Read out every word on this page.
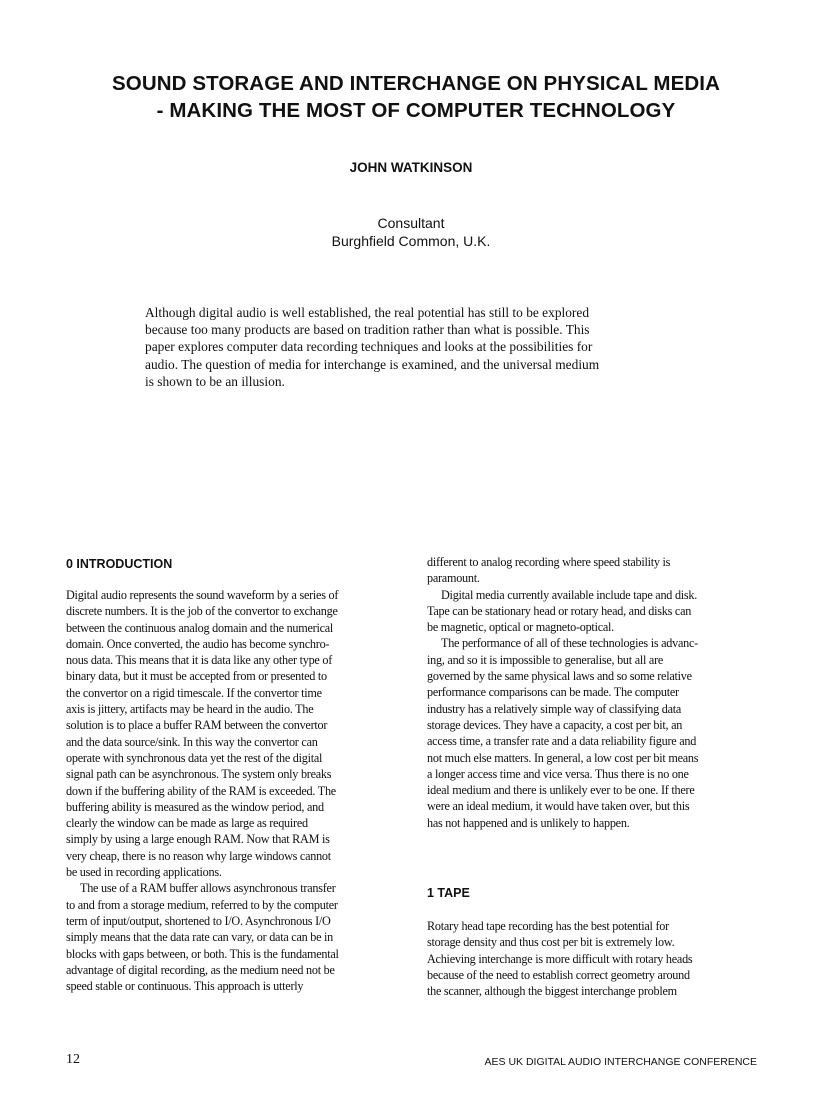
SOUND STORAGE AND INTERCHANGE ON PHYSICAL MEDIA
- MAKING THE MOST OF COMPUTER TECHNOLOGY
JOHN WATKINSON
Consultant
Burghfield Common, U.K.
Although digital audio is well established, the real potential has still to be explored
because too many products are based on tradition rather than what is possible. This
paper explores computer data recording techniques and looks at the possibilities for
audio. The question of media for interchange is examined, and the universal medium
is shown to be an illusion.
0 INTRODUCTION
Digital audio represents the sound waveform by a series of
discrete numbers. It is the job of the convertor to exchange
between the continuous analog domain and the numerical
domain. Once converted, the audio has become synchro-
nous data. This means that it is data like any other type of
binary data, but it must be accepted from or presented to
the convertor on a rigid timescale. If the convertor time
axis is jittery, artifacts may be heard in the audio. The
solution is to place a buffer RAM between the convertor
and the data source/sink. In this way the convertor can
operate with synchronous data yet the rest of the digital
signal path can be asynchronous. The system only breaks
down if the buffering ability of the RAM is exceeded. The
buffering ability is measured as the window period, and
clearly the window can be made as large as required
simply by using a large enough RAM. Now that RAM is
very cheap, there is no reason why large windows cannot
be used in recording applications.
The use of a RAM buffer allows asynchronous transfer
to and from a storage medium, referred to by the computer
term of input/output, shortened to I/O. Asynchronous I/O
simply means that the data rate can vary, or data can be in
blocks with gaps between, or both. This is the fundamental
advantage of digital recording, as the medium need not be
speed stable or continuous. This approach is utterly
different to analog recording where speed stability is
paramount.
Digital media currently available include tape and disk.
Tape can be stationary head or rotary head, and disks can
be magnetic, optical or magneto-optical.
The performance of all of these technologies is advanc-
ing, and so it is impossible to generalise, but all are
governed by the same physical laws and so some relative
performance comparisons can be made. The computer
industry has a relatively simple way of classifying data
storage devices. They have a capacity, a cost per bit, an
access time, a transfer rate and a data reliability figure and
not much else matters. In general, a low cost per bit means
a longer access time and vice versa. Thus there is no one
ideal medium and there is unlikely ever to be one. If there
were an ideal medium, it would have taken over, but this
has not happened and is unlikely to happen.
1 TAPE
Rotary head tape recording has the best potential for
storage density and thus cost per bit is extremely low.
Achieving interchange is more difficult with rotary heads
because of the need to establish correct geometry around
the scanner, although the biggest interchange problem
12	AES UK DIGITAL AUDIO INTERCHANGE CONFERENCE
